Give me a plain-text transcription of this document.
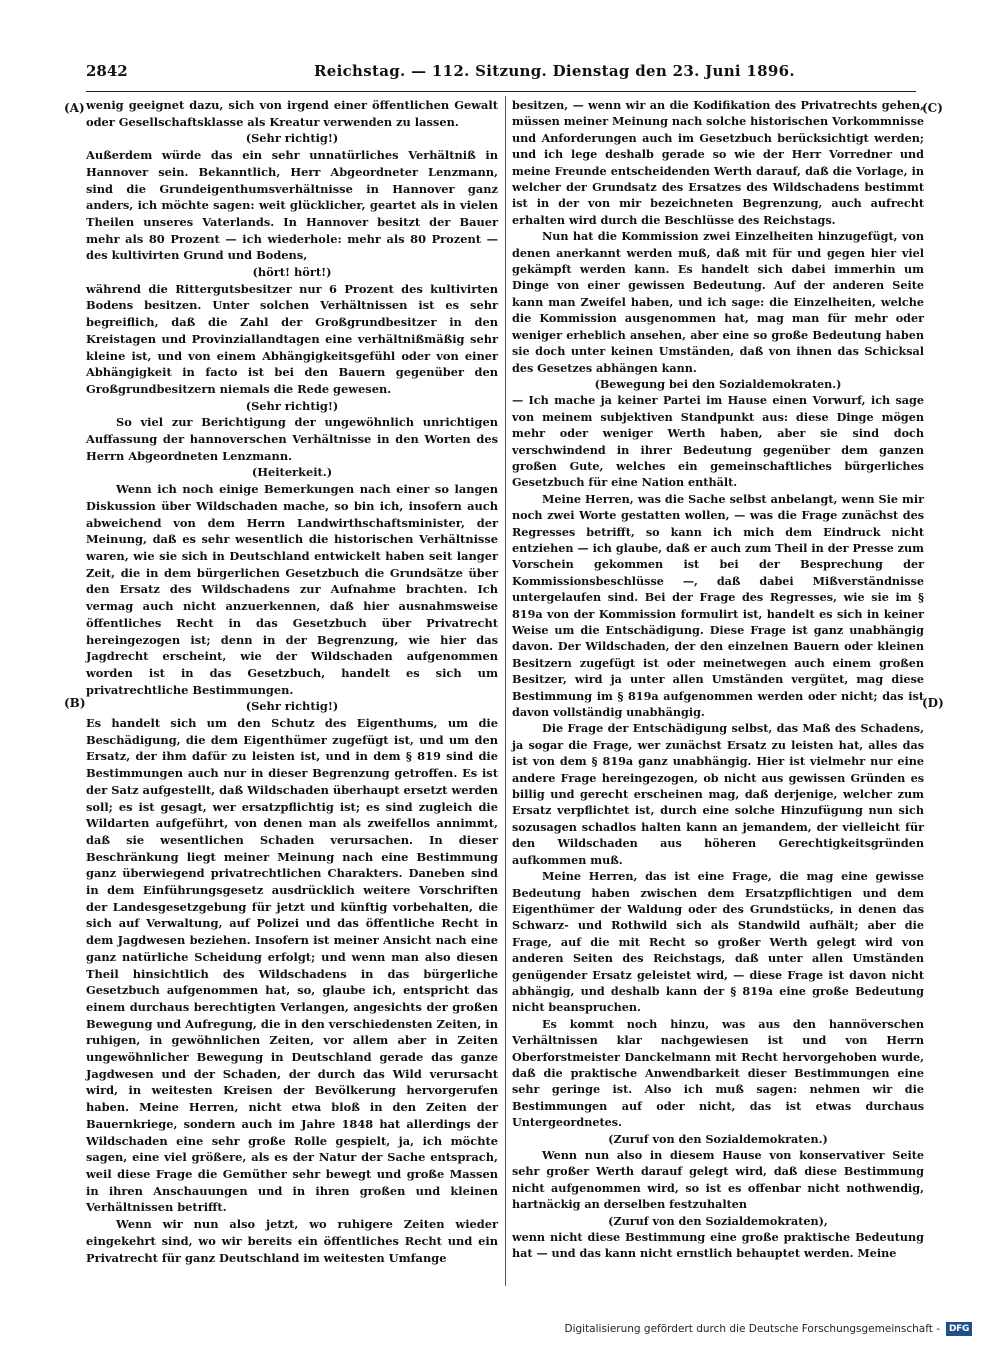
2842	Reichstag. — 112. Sitzung. Dienstag den 23. Juni 1896.
(A)
(B)
(C)
(D)

wenig geeignet dazu, sich von irgend einer öffentlichen Gewalt oder Gesellschaftsklasse als Kreatur verwenden zu lassen.

(Sehr richtig!)

Außerdem würde das ein sehr unnatürliches Verhältniß in Hannover sein. Bekanntlich, Herr Abgeordneter Lenzmann, sind die Grundeigenthumsverhältnisse in Hannover ganz anders, ich möchte sagen: weit glücklicher, geartet als in vielen Theilen unseres Vaterlands. In Hannover besitzt der Bauer mehr als 80 Prozent — ich wiederhole: mehr als 80 Prozent — des kultivirten Grund und Bodens,

(hört! hört!)

während die Rittergutsbesitzer nur 6 Prozent des kultivirten Bodens besitzen. Unter solchen Verhältnissen ist es sehr begreiflich, daß die Zahl der Großgrundbesitzer in den Kreistagen und Provinziallandtagen eine verhältnißmäßig sehr kleine ist, und von einem Abhängigkeitsgefühl oder von einer Abhängigkeit in facto ist bei den Bauern gegenüber den Großgrundbesitzern niemals die Rede gewesen.

(Sehr richtig!)

So viel zur Berichtigung der ungewöhnlich unrichtigen Auffassung der hannoverschen Verhältnisse in den Worten des Herrn Abgeordneten Lenzmann.

(Heiterkeit.)

Wenn ich noch einige Bemerkungen nach einer so langen Diskussion über Wildschaden mache, so bin ich, insofern auch abweichend von dem Herrn Landwirthschaftsminister, der Meinung, daß es sehr wesentlich die historischen Verhältnisse waren, wie sie sich in Deutschland entwickelt haben seit langer Zeit, die in dem bürgerlichen Gesetzbuch die Grundsätze über den Ersatz des Wildschadens zur Aufnahme brachten. Ich vermag auch nicht anzuerkennen, daß hier ausnahmsweise öffentliches Recht in das Gesetzbuch über Privatrecht hereingezogen ist; denn in der Begrenzung, wie hier das Jagdrecht erscheint, wie der Wildschaden aufgenommen worden ist in das Gesetzbuch, handelt es sich um privatrechtliche Bestimmungen.

(Sehr richtig!)

Es handelt sich um den Schutz des Eigenthums, um die Beschädigung, die dem Eigenthümer zugefügt ist, und um den Ersatz, der ihm dafür zu leisten ist, und in dem § 819 sind die Bestimmungen auch nur in dieser Begrenzung getroffen. Es ist der Satz aufgestellt, daß Wildschaden überhaupt ersetzt werden soll; es ist gesagt, wer ersatzpflichtig ist; es sind zugleich die Wildarten aufgeführt, von denen man als zweifellos annimmt, daß sie wesentlichen Schaden verursachen. In dieser Beschränkung liegt meiner Meinung nach eine Bestimmung ganz überwiegend privatrechtlichen Charakters. Daneben sind in dem Einführungsgesetz ausdrücklich weitere Vorschriften der Landesgesetzgebung für jetzt und künftig vorbehalten, die sich auf Verwaltung, auf Polizei und das öffentliche Recht in dem Jagdwesen beziehen. Insofern ist meiner Ansicht nach eine ganz natürliche Scheidung erfolgt; und wenn man also diesen Theil hinsichtlich des Wildschadens in das bürgerliche Gesetzbuch aufgenommen hat, so, glaube ich, entspricht das einem durchaus berechtigten Verlangen, angesichts der großen Bewegung und Aufregung, die in den verschiedensten Zeiten, in ruhigen, in gewöhnlichen Zeiten, vor allem aber in Zeiten ungewöhnlicher Bewegung in Deutschland gerade das ganze Jagdwesen und der Schaden, der durch das Wild verursacht wird, in weitesten Kreisen der Bevölkerung hervorgerufen haben. Meine Herren, nicht etwa bloß in den Zeiten der Bauernkriege, sondern auch im Jahre 1848 hat allerdings der Wildschaden eine sehr große Rolle gespielt, ja, ich möchte sagen, eine viel größere, als es der Natur der Sache entsprach, weil diese Frage die Gemüther sehr bewegt und große Massen in ihren Anschauungen und in ihren großen und kleinen Verhältnissen betrifft.

Wenn wir nun also jetzt, wo ruhigere Zeiten wieder eingekehrt sind, wo wir bereits ein öffentliches Recht und ein Privatrecht für ganz Deutschland im weitesten Umfange

besitzen, — wenn wir an die Kodifikation des Privatrechts gehen, müssen meiner Meinung nach solche historischen Vorkommnisse und Anforderungen auch im Gesetzbuch berücksichtigt werden; und ich lege deshalb gerade so wie der Herr Vorredner und meine Freunde entscheidenden Werth darauf, daß die Vorlage, in welcher der Grundsatz des Ersatzes des Wildschadens bestimmt ist in der von mir bezeichneten Begrenzung, auch aufrecht erhalten wird durch die Beschlüsse des Reichstags.

Nun hat die Kommission zwei Einzelheiten hinzugefügt, von denen anerkannt werden muß, daß mit für und gegen hier viel gekämpft werden kann. Es handelt sich dabei immerhin um Dinge von einer gewissen Bedeutung. Auf der anderen Seite kann man Zweifel haben, und ich sage: die Einzelheiten, welche die Kommission ausgenommen hat, mag man für mehr oder weniger erheblich ansehen, aber eine so große Bedeutung haben sie doch unter keinen Umständen, daß von ihnen das Schicksal des Gesetzes abhängen kann.

(Bewegung bei den Sozialdemokraten.)

— Ich mache ja keiner Partei im Hause einen Vorwurf, ich sage von meinem subjektiven Standpunkt aus: diese Dinge mögen mehr oder weniger Werth haben, aber sie sind doch verschwindend in ihrer Bedeutung gegenüber dem ganzen großen Gute, welches ein gemeinschaftliches bürgerliches Gesetzbuch für eine Nation enthält.

Meine Herren, was die Sache selbst anbelangt, wenn Sie mir noch zwei Worte gestatten wollen, — was die Frage zunächst des Regresses betrifft, so kann ich mich dem Eindruck nicht entziehen — ich glaube, daß er auch zum Theil in der Presse zum Vorschein gekommen ist bei der Besprechung der Kommissionsbeschlüsse —, daß dabei Mißverständnisse untergelaufen sind. Bei der Frage des Regresses, wie sie im § 819a von der Kommission formulirt ist, handelt es sich in keiner Weise um die Entschädigung. Diese Frage ist ganz unabhängig davon. Der Wildschaden, der den einzelnen Bauern oder kleinen Besitzern zugefügt ist oder meinetwegen auch einem großen Besitzer, wird ja unter allen Umständen vergütet, mag diese Bestimmung im § 819a aufgenommen werden oder nicht; das ist davon vollständig unabhängig.

Die Frage der Entschädigung selbst, das Maß des Schadens, ja sogar die Frage, wer zunächst Ersatz zu leisten hat, alles das ist von dem § 819a ganz unabhängig. Hier ist vielmehr nur eine andere Frage hereingezogen, ob nicht aus gewissen Gründen es billig und gerecht erscheinen mag, daß derjenige, welcher zum Ersatz verpflichtet ist, durch eine solche Hinzufügung nun sich sozusagen schadlos halten kann an jemandem, der vielleicht für den Wildschaden aus höheren Gerechtigkeitsgründen aufkommen muß.

Meine Herren, das ist eine Frage, die mag eine gewisse Bedeutung haben zwischen dem Ersatzpflichtigen und dem Eigenthümer der Waldung oder des Grundstücks, in denen das Schwarz- und Rothwild sich als Standwild aufhält; aber die Frage, auf die mit Recht so großer Werth gelegt wird von anderen Seiten des Reichstags, daß unter allen Umständen genügender Ersatz geleistet wird, — diese Frage ist davon nicht abhängig, und deshalb kann der § 819a eine große Bedeutung nicht beanspruchen.

Es kommt noch hinzu, was aus den hannöverschen Verhältnissen klar nachgewiesen ist und von Herrn Oberforstmeister Danckelmann mit Recht hervorgehoben wurde, daß die praktische Anwendbarkeit dieser Bestimmungen eine sehr geringe ist. Also ich muß sagen: nehmen wir die Bestimmungen auf oder nicht, das ist etwas durchaus Untergeordnetes.

(Zuruf von den Sozialdemokraten.)

Wenn nun also in diesem Hause von konservativer Seite sehr großer Werth darauf gelegt wird, daß diese Bestimmung nicht aufgenommen wird, so ist es offenbar nicht nothwendig, hartnäckig an derselben festzuhalten

(Zuruf von den Sozialdemokraten),

wenn nicht diese Bestimmung eine große praktische Bedeutung hat — und das kann nicht ernstlich behauptet werden. Meine

Digitalisierung gefördert durch die Deutsche Forschungsgemeinschaft - DFG
